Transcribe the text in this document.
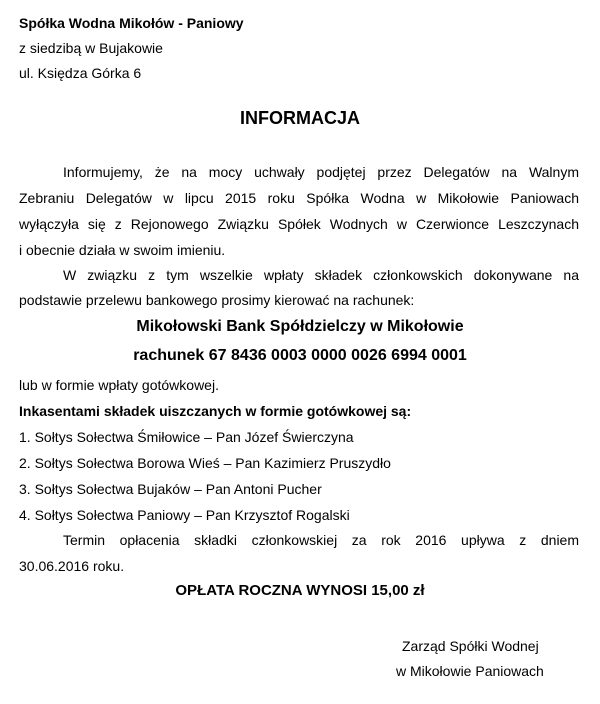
Spółka Wodna Mikołów - Paniowy
z siedzibą w Bujakowie
ul. Księdza Górka 6
INFORMACJA
Informujemy, że na mocy uchwały podjętej przez Delegatów na Walnym
Zebraniu Delegatów w lipcu 2015 roku Spółka Wodna w Mikołowie Paniowach
wyłączyła się z Rejonowego Związku Spółek Wodnych w Czerwionce Leszczynach
i obecnie działa w swoim imieniu.
W związku z tym wszelkie wpłaty składek członkowskich dokonywane na
podstawie przelewu bankowego prosimy kierować na rachunek:
Mikołowski Bank Spółdzielczy w Mikołowie
rachunek 67 8436 0003 0000 0026 6994 0001
lub w formie wpłaty gotówkowej.
Inkasentami składek uiszczanych w formie gotówkowej są:
1. Sołtys Sołectwa Śmiłowice – Pan Józef Świerczyna
2. Sołtys Sołectwa Borowa Wieś – Pan Kazimierz Pruszydło
3. Sołtys Sołectwa Bujaków – Pan Antoni Pucher
4. Sołtys Sołectwa Paniowy – Pan Krzysztof Rogalski
Termin opłacenia składki członkowskiej za rok 2016 upływa z dniem
30.06.2016 roku.
OPŁATA ROCZNA WYNOSI 15,00 zł
Zarząd Spółki Wodnej
w Mikołowie Paniowach
